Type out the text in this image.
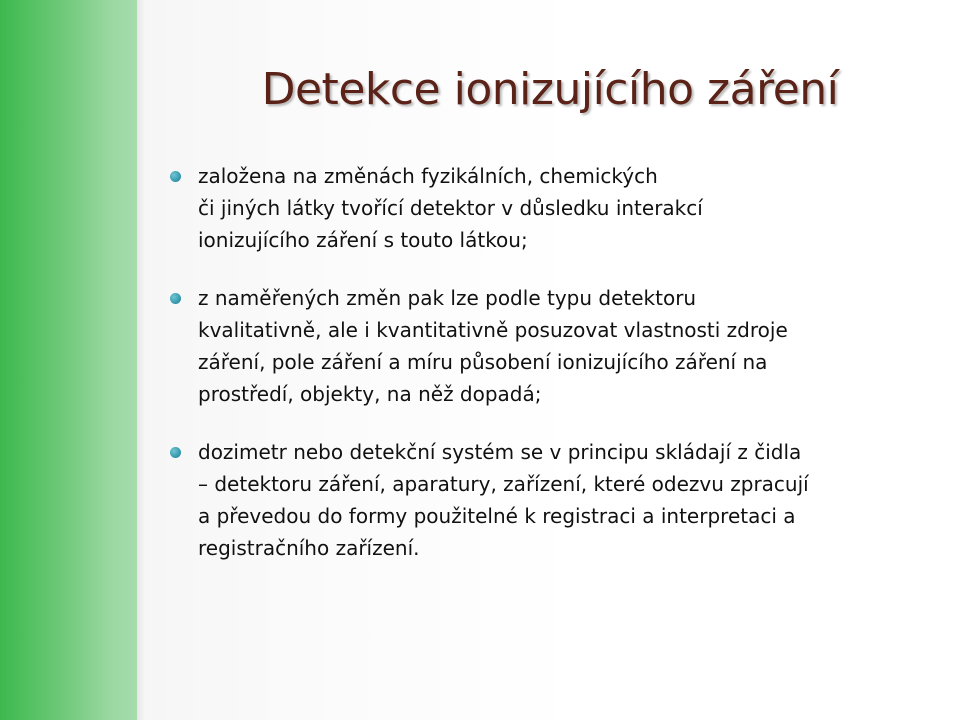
Detekce ionizujícího záření
založena na změnách fyzikálních, chemických
či jiných látky tvořící detektor v důsledku interakcí
ionizujícího záření s touto látkou;
z naměřených změn pak lze podle typu detektoru
kvalitativně, ale i kvantitativně posuzovat vlastnosti zdroje
záření, pole záření a míru působení ionizujícího záření na
prostředí, objekty, na něž dopadá;
dozimetr nebo detekční systém se v principu skládají z čidla
– detektoru záření, aparatury, zařízení, které odezvu zpracují
a převedou do formy použitelné k registraci a interpretaci a
registračního zařízení.
